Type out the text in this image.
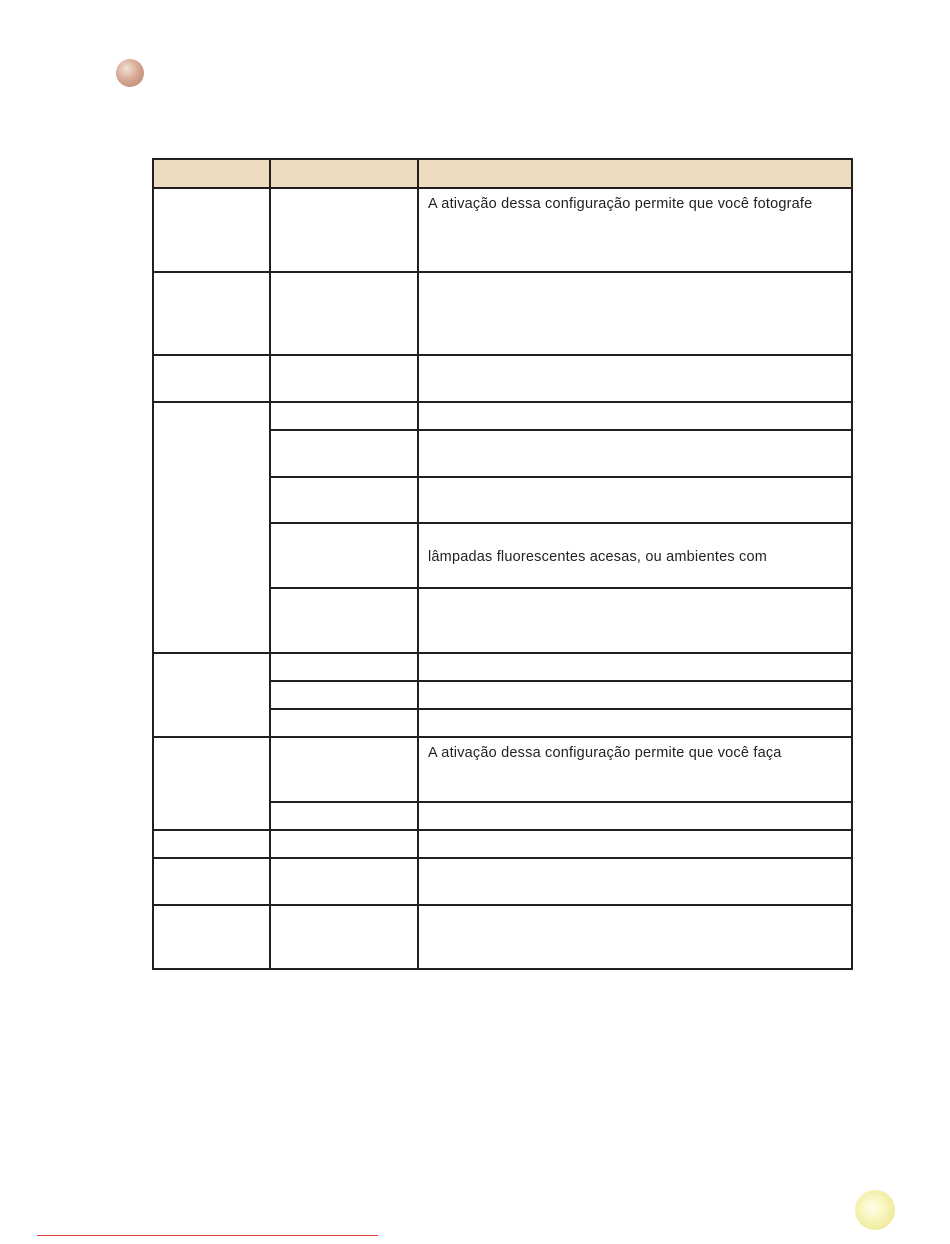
		A ativação dessa configuração permite que você fotografe

		lâmpadas fluorescentes acesas, ou ambientes com

		A ativação dessa configuração permite que você faça
